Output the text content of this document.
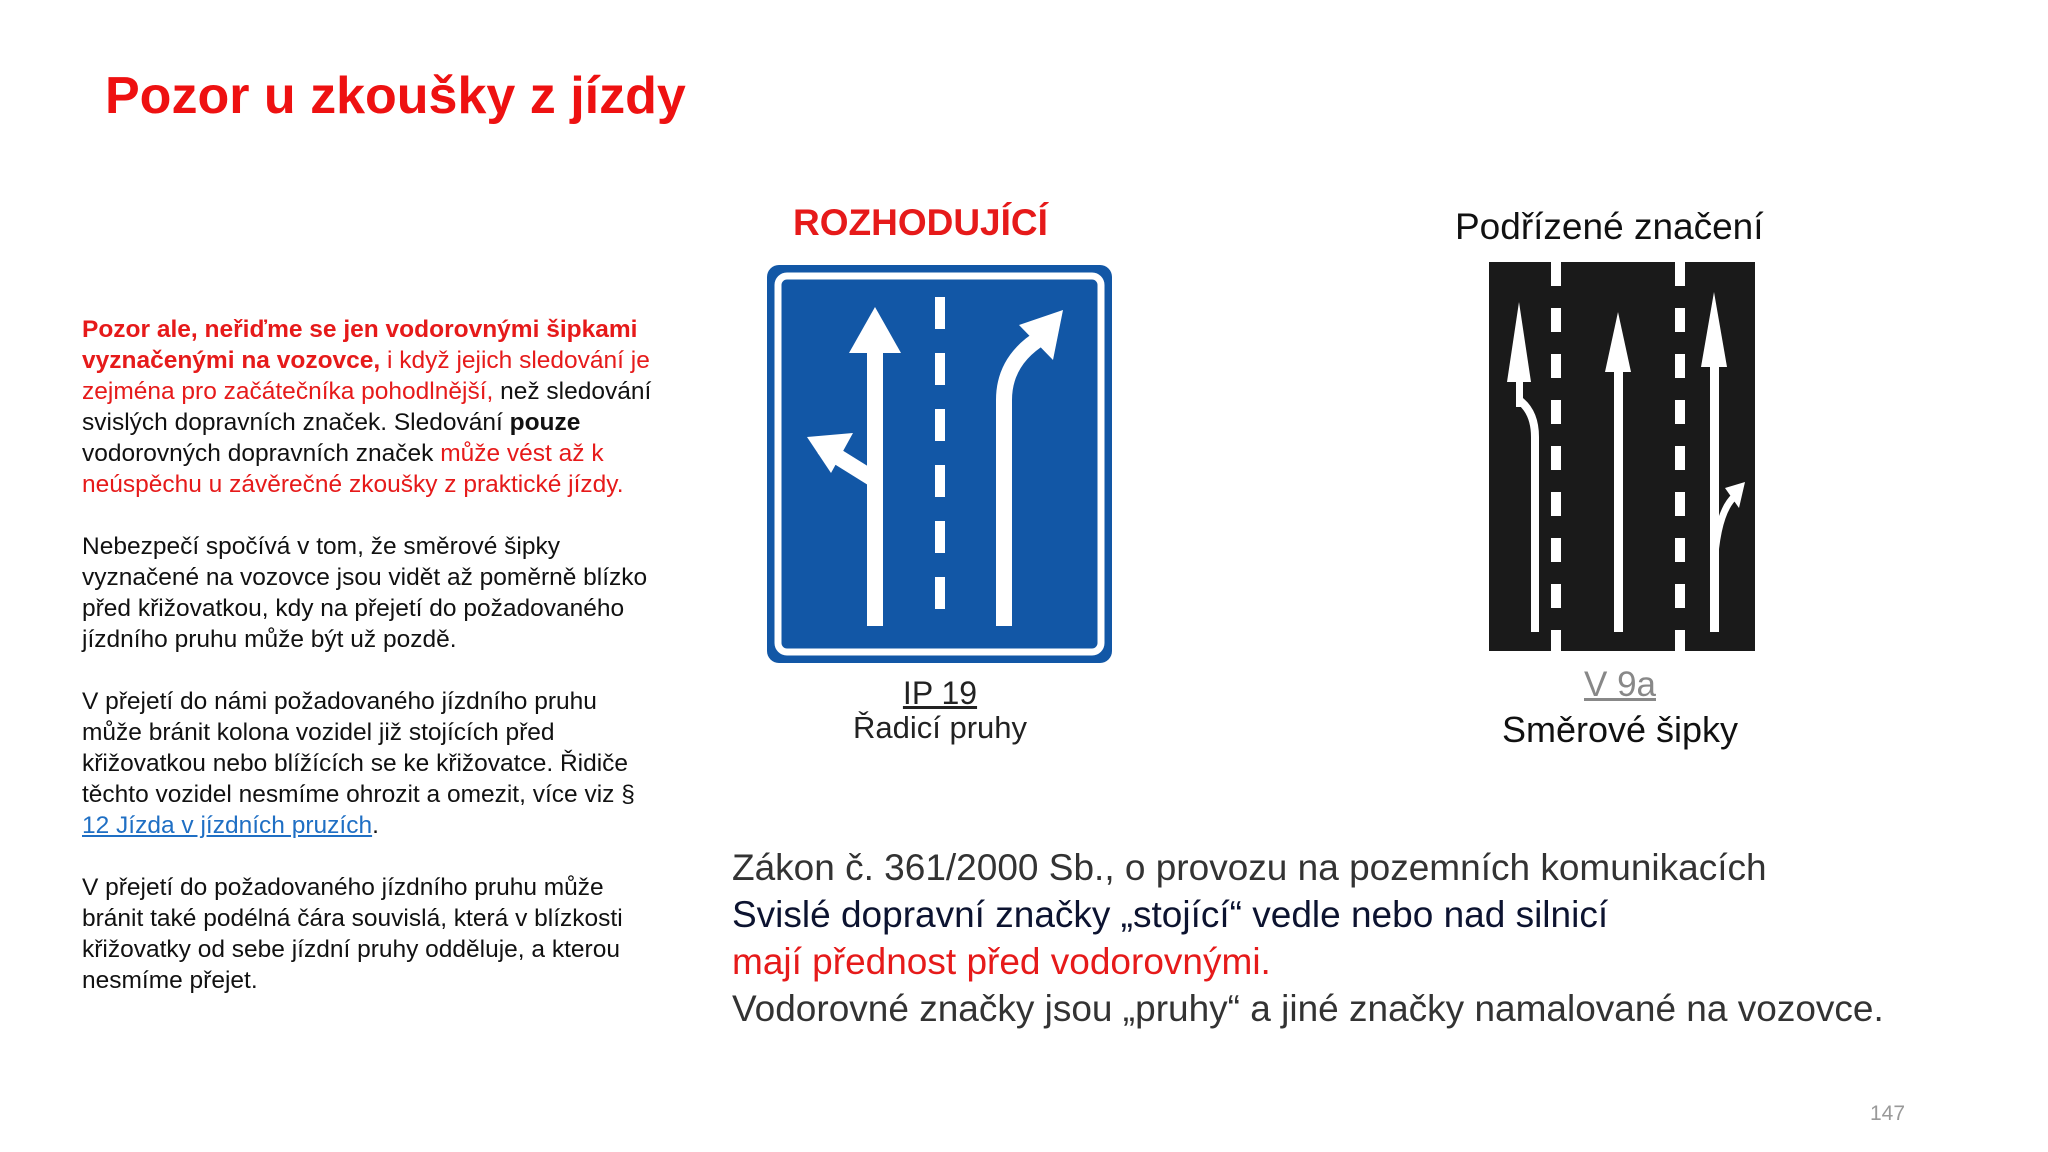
Pozor u zkoušky z jízdy

Pozor ale, neřiďme se jen vodorovnými šipkami vyznačenými na vozovce, i když jejich sledování je zejména pro začátečníka pohodlnější, než sledování svislých dopravních značek. Sledování pouze vodorovných dopravních značek může vést až k neúspěchu u závěrečné zkoušky z praktické jízdy.

Nebezpečí spočívá v tom, že směrové šipky vyznačené na vozovce jsou vidět až poměrně blízko před křižovatkou, kdy na přejetí do požadovaného jízdního pruhu může být už pozdě.

V přejetí do námi požadovaného jízdního pruhu může bránit kolona vozidel již stojících před křižovatkou nebo blížících se ke křižovatce. Řidiče těchto vozidel nesmíme ohrozit a omezit, více viz § 12 Jízda v jízdních pruzích.

V přejetí do požadovaného jízdního pruhu může bránit také podélná čára souvislá, která v blízkosti křižovatky od sebe jízdní pruhy odděluje, a kterou nesmíme přejet.

ROZHODUJÍCÍ	Podřízené značení
IP 19
Řadicí pruhy
V 9a
Směrové šipky
Zákon č. 361/2000 Sb., o provozu na pozemních komunikacích
Svislé dopravní značky „stojící“ vedle nebo nad silnicí
mají přednost před vodorovnými.
Vodorovné značky jsou „pruhy“ a jiné značky namalované na vozovce.
147
